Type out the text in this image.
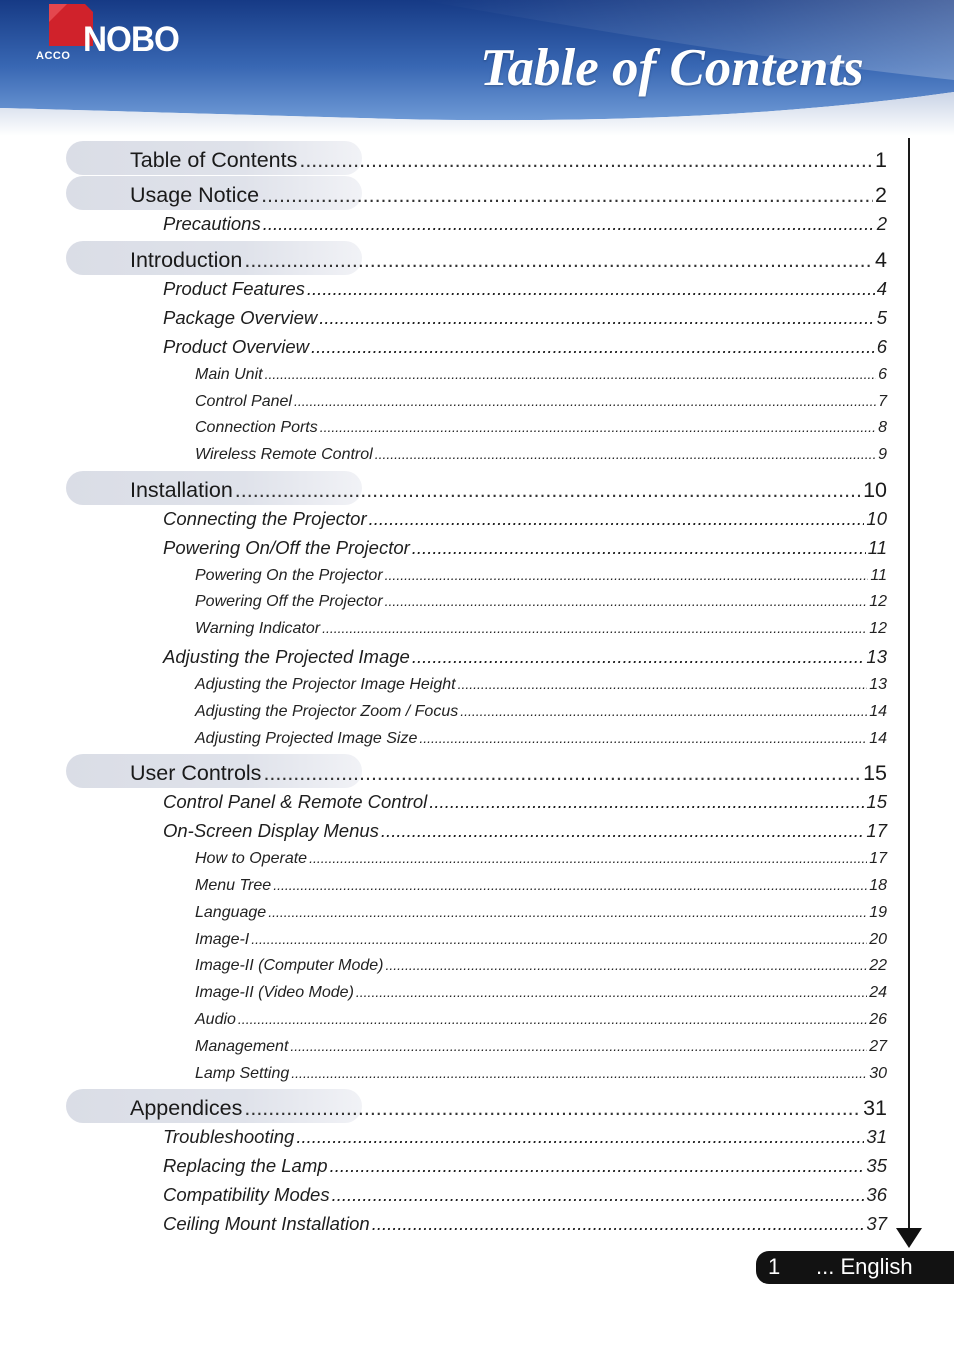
ACCO NOBO	Table of Contents
Table of Contents .....	1
Usage Notice .....	2
Precautions .....	2
Introduction .....	4
Product Features .....	4
Package Overview .....	5
Product Overview .....	6
Main Unit .....	6
Control Panel .....	7
Connection Ports .....	8
Wireless Remote Control .....	9
Installation .....	10
Connecting the Projector .....	10
Powering On/Off the Projector .....	11
Powering On the Projector .....	11
Powering Off the Projector .....	12
Warning Indicator .....	12
Adjusting the Projected Image .....	13
Adjusting the Projector Image Height .....	13
Adjusting the Projector Zoom / Focus .....	14
Adjusting Projected Image Size .....	14
User Controls .....	15
Control Panel & Remote Control .....	15
On-Screen Display Menus .....	17
How to Operate .....	17
Menu Tree .....	18
Language .....	19
Image-I .....	20
Image-II (Computer Mode) .....	22
Image-II (Video Mode) .....	24
Audio .....	26
Management .....	27
Lamp Setting .....	30
Appendices .....	31
Troubleshooting .....	31
Replacing the Lamp .....	35
Compatibility Modes .....	36
Ceiling Mount Installation .....	37
1 ... English
